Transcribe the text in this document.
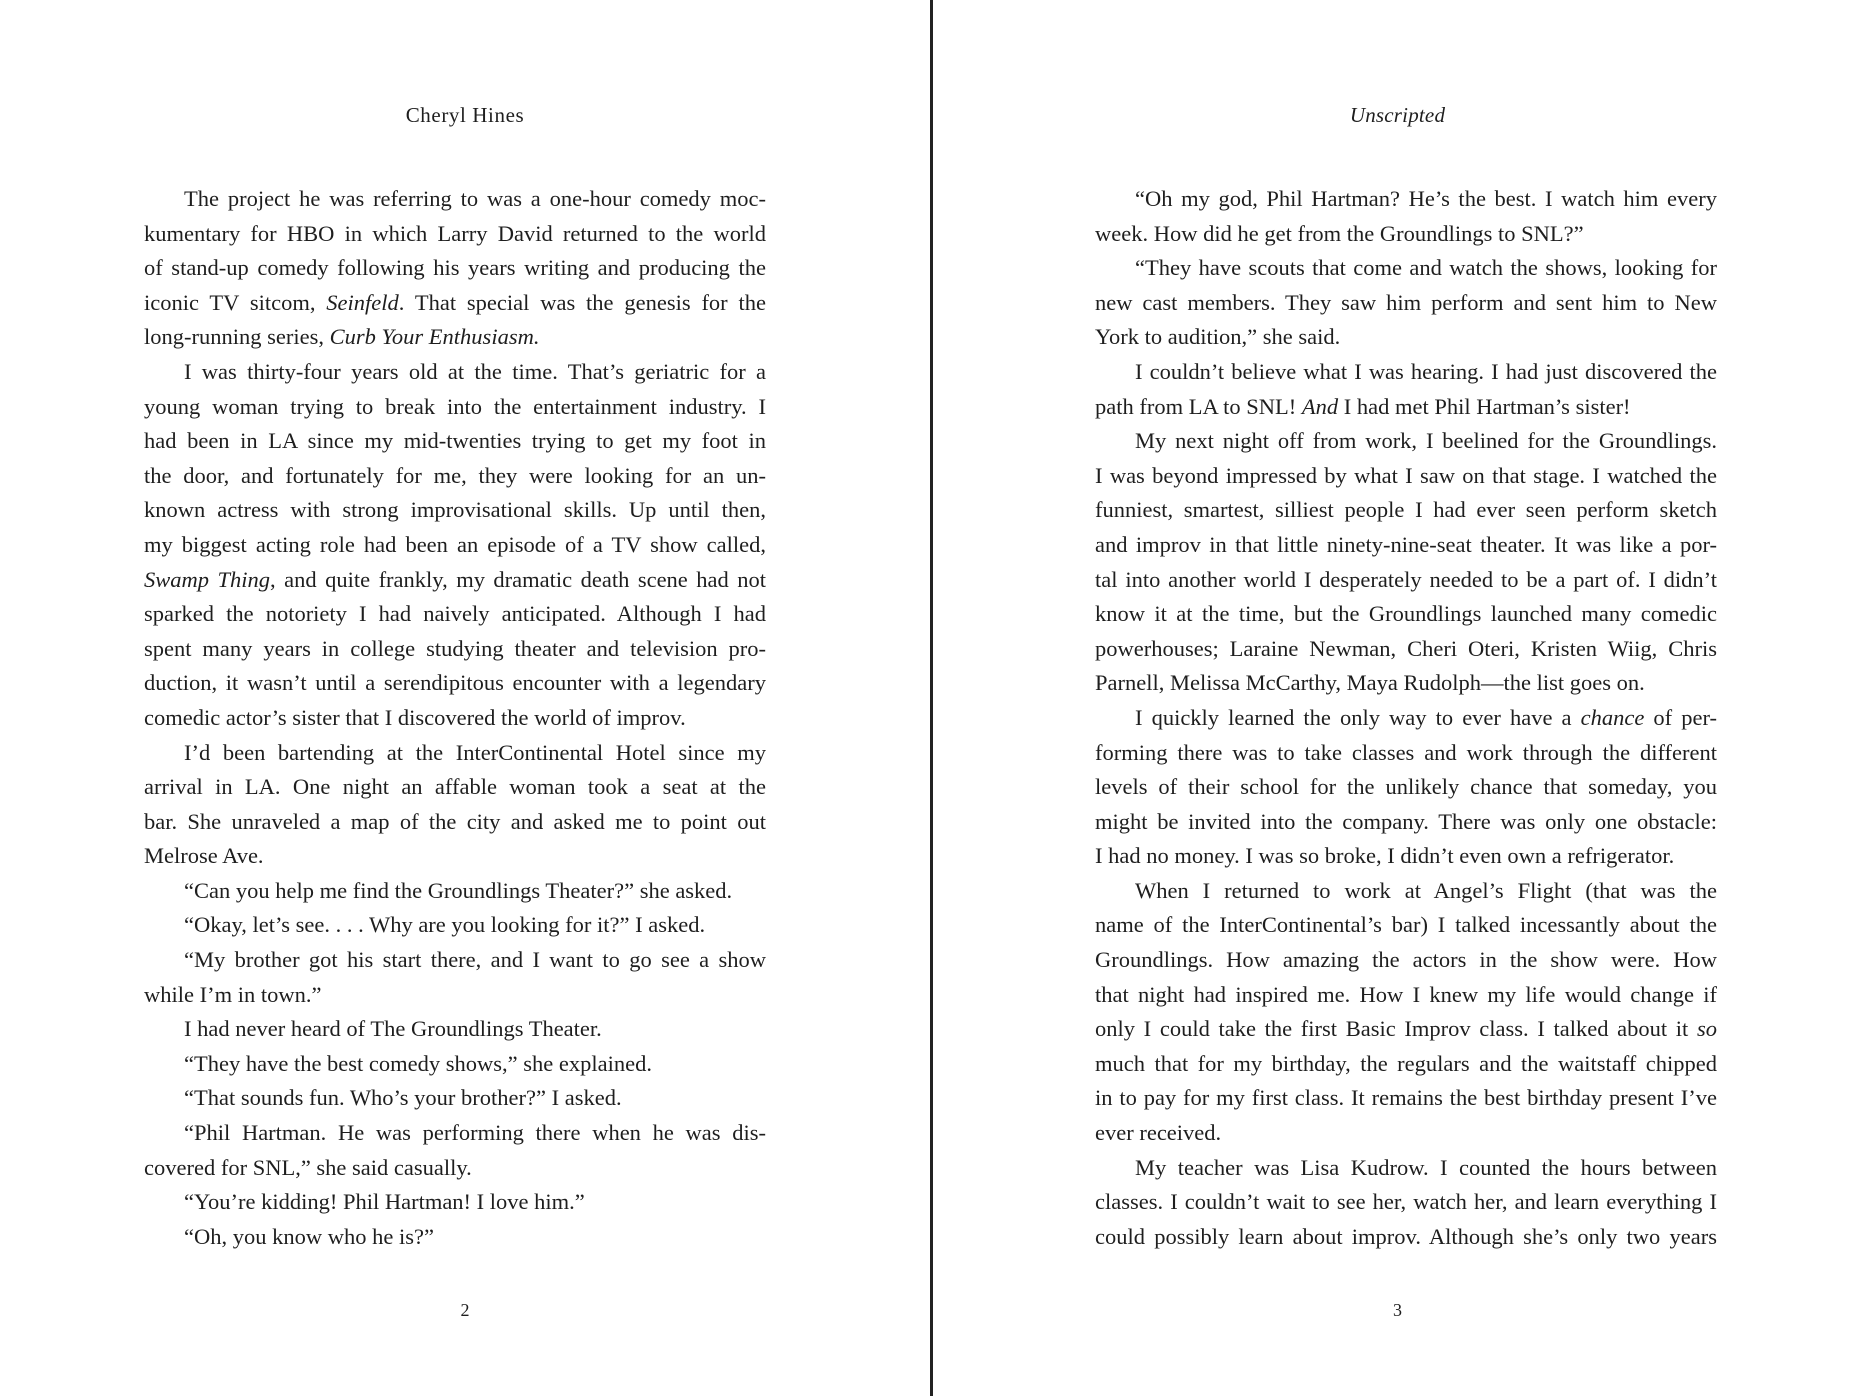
Cheryl Hines
The project he was referring to was a one-hour comedy moc-
kumentary for HBO in which Larry David returned to the world
of stand-up comedy following his years writing and producing the
iconic TV sitcom, Seinfeld. That special was the genesis for the
long-running series, Curb Your Enthusiasm.
I was thirty-four years old at the time. That’s geriatric for a
young woman trying to break into the entertainment industry. I
had been in LA since my mid-twenties trying to get my foot in
the door, and fortunately for me, they were looking for an un-
known actress with strong improvisational skills. Up until then,
my biggest acting role had been an episode of a TV show called,
Swamp Thing, and quite frankly, my dramatic death scene had not
sparked the notoriety I had naively anticipated. Although I had
spent many years in college studying theater and television pro-
duction, it wasn’t until a serendipitous encounter with a legendary
comedic actor’s sister that I discovered the world of improv.
I’d been bartending at the InterContinental Hotel since my
arrival in LA. One night an affable woman took a seat at the
bar. She unraveled a map of the city and asked me to point out
Melrose Ave.
“Can you help me find the Groundlings Theater?” she asked.
“Okay, let’s see. . . . Why are you looking for it?” I asked.
“My brother got his start there, and I want to go see a show
while I’m in town.”
I had never heard of The Groundlings Theater.
“They have the best comedy shows,” she explained.
“That sounds fun. Who’s your brother?” I asked.
“Phil Hartman. He was performing there when he was dis-
covered for SNL,” she said casually.
“You’re kidding! Phil Hartman! I love him.”
“Oh, you know who he is?”
2
Unscripted
“Oh my god, Phil Hartman? He’s the best. I watch him every
week. How did he get from the Groundlings to SNL?”
“They have scouts that come and watch the shows, looking for
new cast members. They saw him perform and sent him to New
York to audition,” she said.
I couldn’t believe what I was hearing. I had just discovered the
path from LA to SNL! And I had met Phil Hartman’s sister!
My next night off from work, I beelined for the Groundlings.
I was beyond impressed by what I saw on that stage. I watched the
funniest, smartest, silliest people I had ever seen perform sketch
and improv in that little ninety-nine-seat theater. It was like a por-
tal into another world I desperately needed to be a part of. I didn’t
know it at the time, but the Groundlings launched many comedic
powerhouses; Laraine Newman, Cheri Oteri, Kristen Wiig, Chris
Parnell, Melissa McCarthy, Maya Rudolph—the list goes on.
I quickly learned the only way to ever have a chance of per-
forming there was to take classes and work through the different
levels of their school for the unlikely chance that someday, you
might be invited into the company. There was only one obstacle:
I had no money. I was so broke, I didn’t even own a refrigerator.
When I returned to work at Angel’s Flight (that was the
name of the InterContinental’s bar) I talked incessantly about the
Groundlings. How amazing the actors in the show were. How
that night had inspired me. How I knew my life would change if
only I could take the first Basic Improv class. I talked about it so
much that for my birthday, the regulars and the waitstaff chipped
in to pay for my first class. It remains the best birthday present I’ve
ever received.
My teacher was Lisa Kudrow. I counted the hours between
classes. I couldn’t wait to see her, watch her, and learn everything I
could possibly learn about improv. Although she’s only two years
3
